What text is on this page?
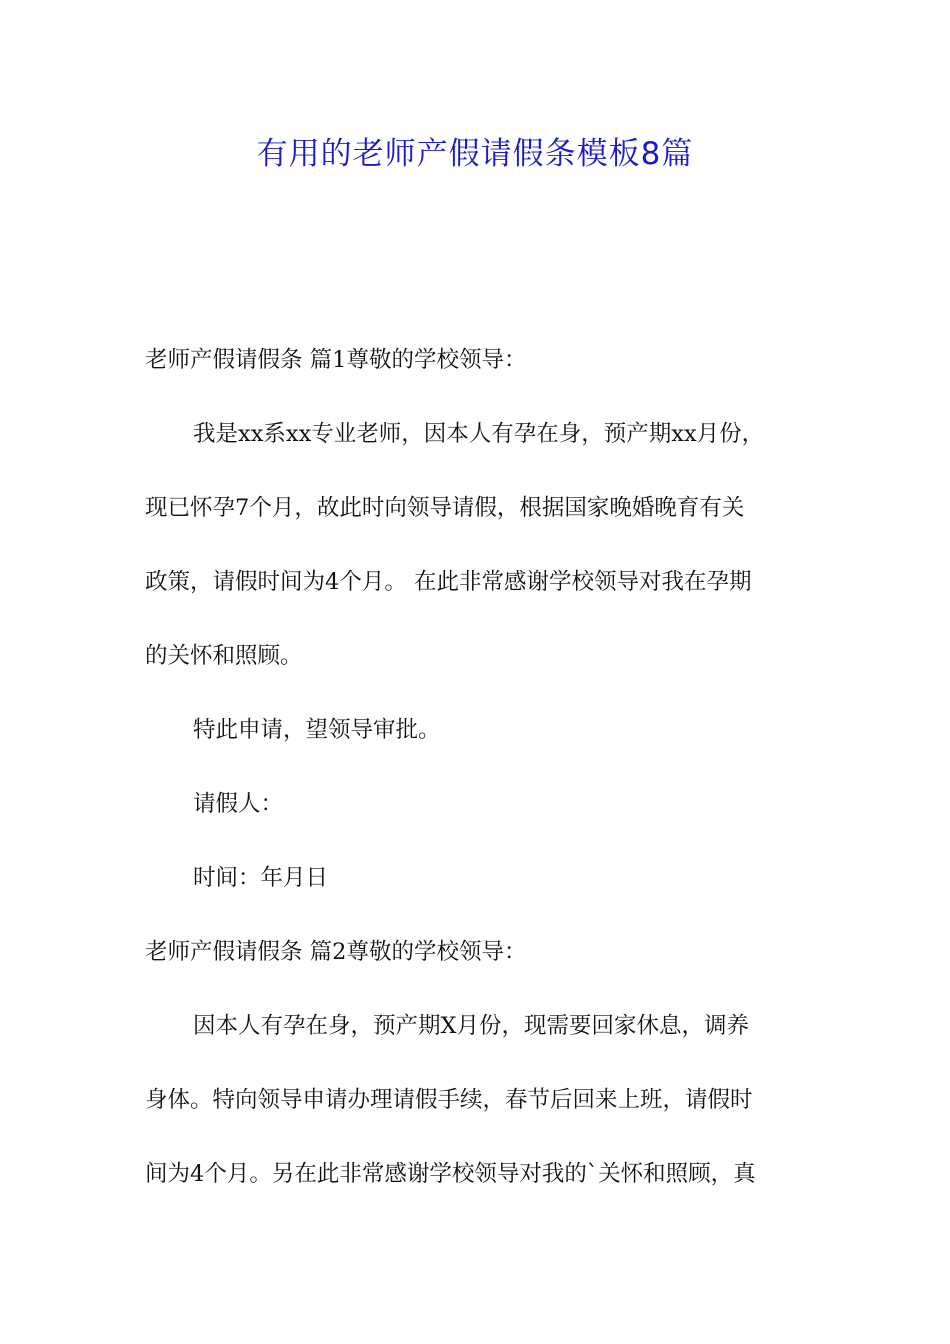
有用的老师产假请假条模板8篇

老师产假请假条 篇1尊敬的学校领导：

我是xx系xx专业老师，因本人有孕在身，预产期xx月份，

现已怀孕7个月，故此时向领导请假，根据国家晚婚晚育有关

政策，请假时间为4个月。 在此非常感谢学校领导对我在孕期

的关怀和照顾。

特此申请，望领导审批。

请假人：

时间：年月日

老师产假请假条 篇2尊敬的学校领导：

因本人有孕在身，预产期X月份，现需要回家休息，调养

身体。特向领导申请办理请假手续，春节后回来上班，请假时

间为4个月。另在此非常感谢学校领导对我的`关怀和照顾，真
